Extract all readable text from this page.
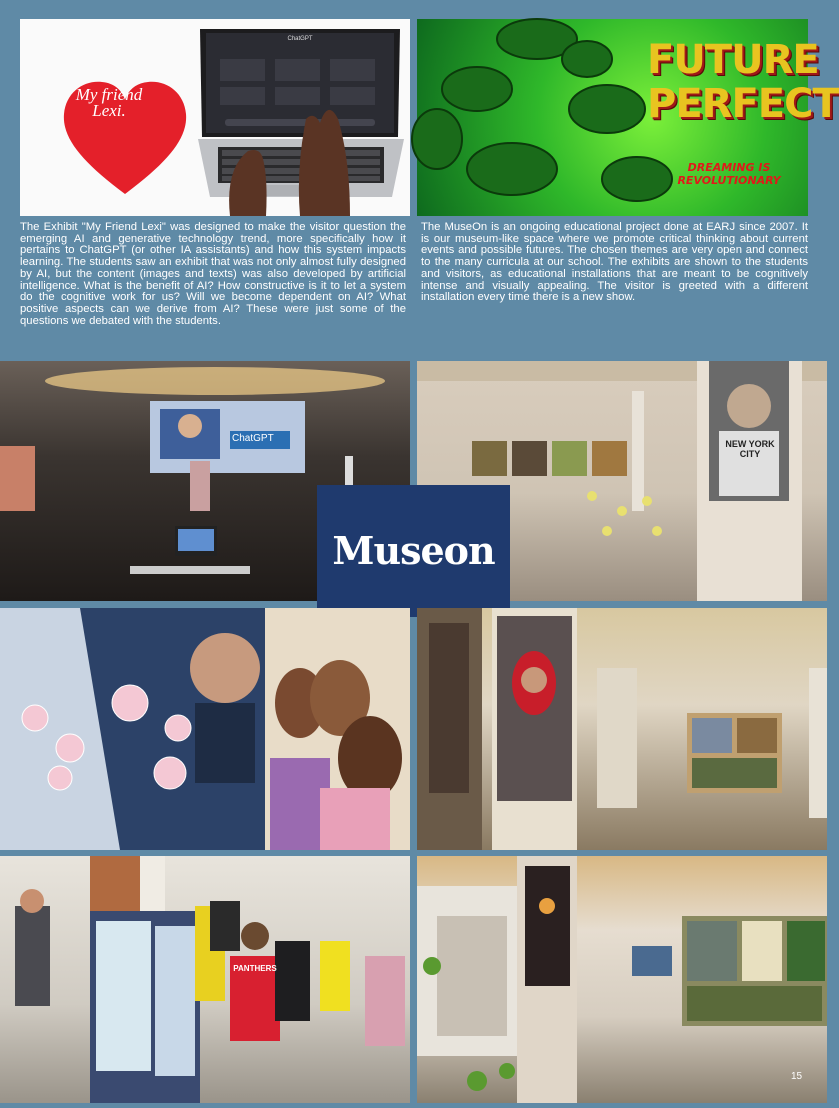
My friend Lexi.
ChatGPT	FUTURE PERFECT
DREAMING IS REVOLUTIONARY

The Exhibit "My Friend Lexi" was designed to make the visitor question the emerging AI and generative technology trend, more specifically how it pertains to ChatGPT (or other IA assistants) and how this system impacts learning. The students saw an exhibit that was not only almost fully designed by AI, but the content (images and texts) was also developed by artificial intelligence. What is the benefit of AI? How constructive is it to let a system do the cognitive work for us? Will we become dependent on AI? What positive aspects can we derive from AI? These were just some of the questions we debated with the students.

The MuseOn is an ongoing educational project done at EARJ since 2007. It is our museum-like space where we promote critical thinking about current events and possible futures. The chosen themes are very open and connect to the many curricula at our school. The exhibits are shown to the students and visitors, as educational installations that are meant to be cognitively intense and visually appealing. The visitor is greeted with a different installation every time there is a new show.

ChatGPT	NEW YORK CITY
Museon
PANTHERS
15
